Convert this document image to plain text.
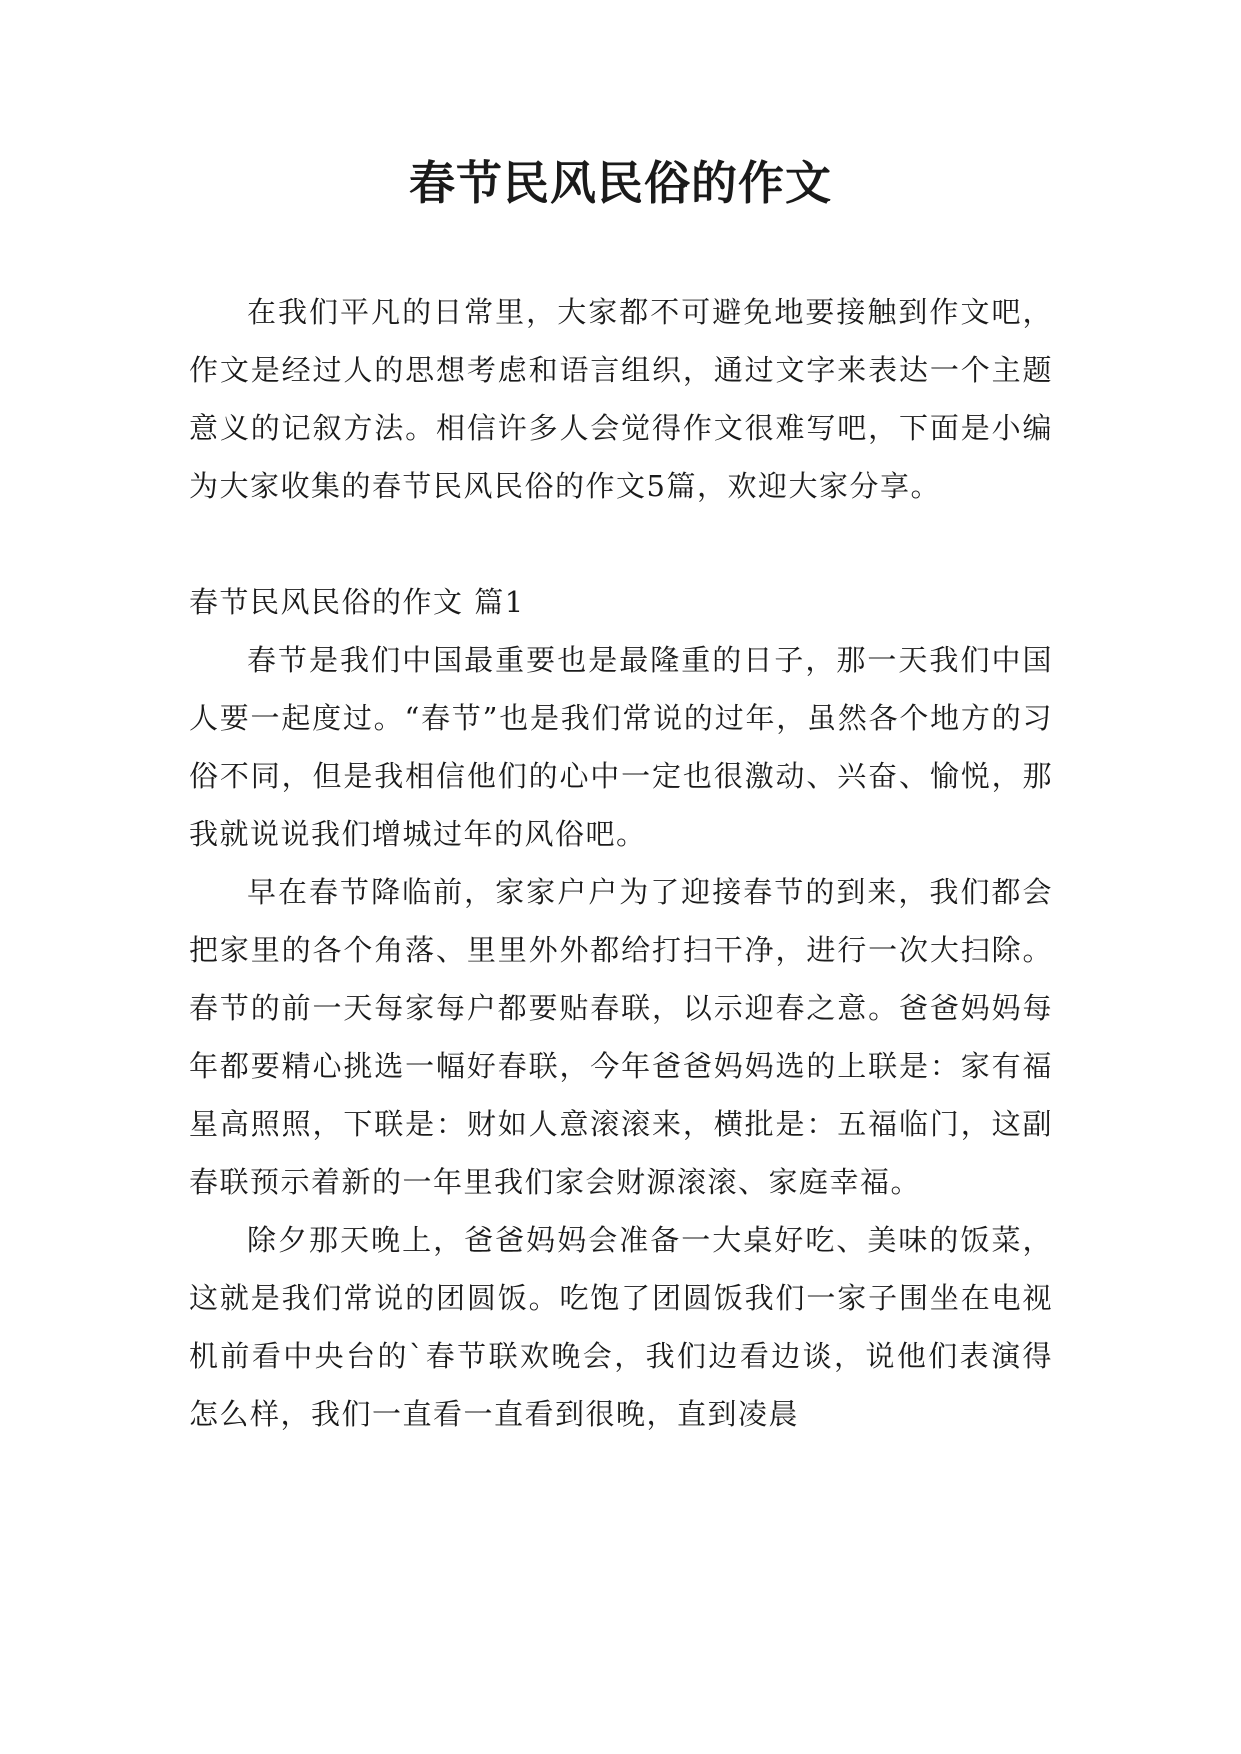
春节民风民俗的作文

在我们平凡的日常里，大家都不可避免地要接触到作文吧，作文是经过人的思想考虑和语言组织，通过文字来表达一个主题意义的记叙方法。相信许多人会觉得作文很难写吧，下面是小编为大家收集的春节民风民俗的作文5篇，欢迎大家分享。

春节民风民俗的作文 篇1

春节是我们中国最重要也是最隆重的日子，那一天我们中国人要一起度过。“春节”也是我们常说的过年，虽然各个地方的习俗不同，但是我相信他们的心中一定也很激动、兴奋、愉悦，那我就说说我们增城过年的风俗吧。

早在春节降临前，家家户户为了迎接春节的到来，我们都会把家里的各个角落、里里外外都给打扫干净，进行一次大扫除。春节的前一天每家每户都要贴春联，以示迎春之意。爸爸妈妈每年都要精心挑选一幅好春联，今年爸爸妈妈选的上联是：家有福星高照照，下联是：财如人意滚滚来，横批是：五福临门，这副春联预示着新的一年里我们家会财源滚滚、家庭幸福。

除夕那天晚上，爸爸妈妈会准备一大桌好吃、美味的饭菜，这就是我们常说的团圆饭。吃饱了团圆饭我们一家子围坐在电视机前看中央台的`春节联欢晚会，我们边看边谈，说他们表演得怎么样，我们一直看一直看到很晚，直到凌晨
